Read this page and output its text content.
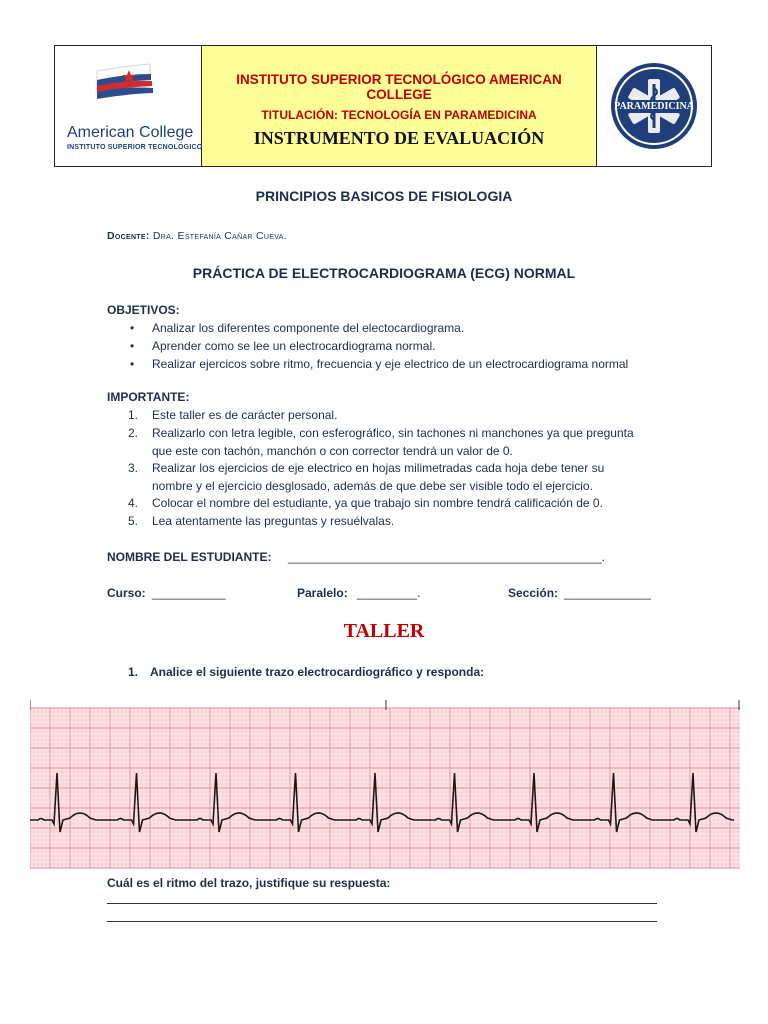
American College
INSTITUTO SUPERIOR TECNOLÓGICO
INSTITUTO SUPERIOR TECNOLÓGICO AMERICAN COLLEGE
TITULACIÓN: TECNOLOGÍA EN PARAMEDICINA
INSTRUMENTO DE EVALUACIÓN
PARAMEDICINA
PRINCIPIOS BASICOS DE FISIOLOGIA
Docente: Dra. Estefanía Cañar Cueva.
PRÁCTICA DE ELECTROCARDIOGRAMA (ECG) NORMAL
OBJETIVOS:
• Analizar los diferentes componente del electocardiograma.
• Aprender como se lee un electrocardiograma normal.
• Realizar ejercicos sobre ritmo, frecuencia y eje electrico de un electrocardiograma normal
IMPORTANTE:
1. Este taller es de carácter personal.
2. Realizarlo con letra legible, con esferográfico, sin tachones ni manchones ya que pregunta
que este con tachón, manchón o con corrector tendrá un valor de 0.
3. Realizar los ejercicios de eje electrico en hojas milimetradas cada hoja debe tener su
nombre y el ejercicio desglosado, además de que debe ser visible todo el ejercicio.
4. Colocar el nombre del estudiante, ya que trabajo sin nombre tendrá calificación de 0.
5. Lea atentamente las preguntas y resuélvalas.
NOMBRE DEL ESTUDIANTE: _______________________________________________.
Curso: ___________	Paralelo: _________.	Sección: _____________
TALLER
1. Analice el siguiente trazo electrocardiográfico y responda:
Cuál es el ritmo del trazo, justifique su respuesta:
